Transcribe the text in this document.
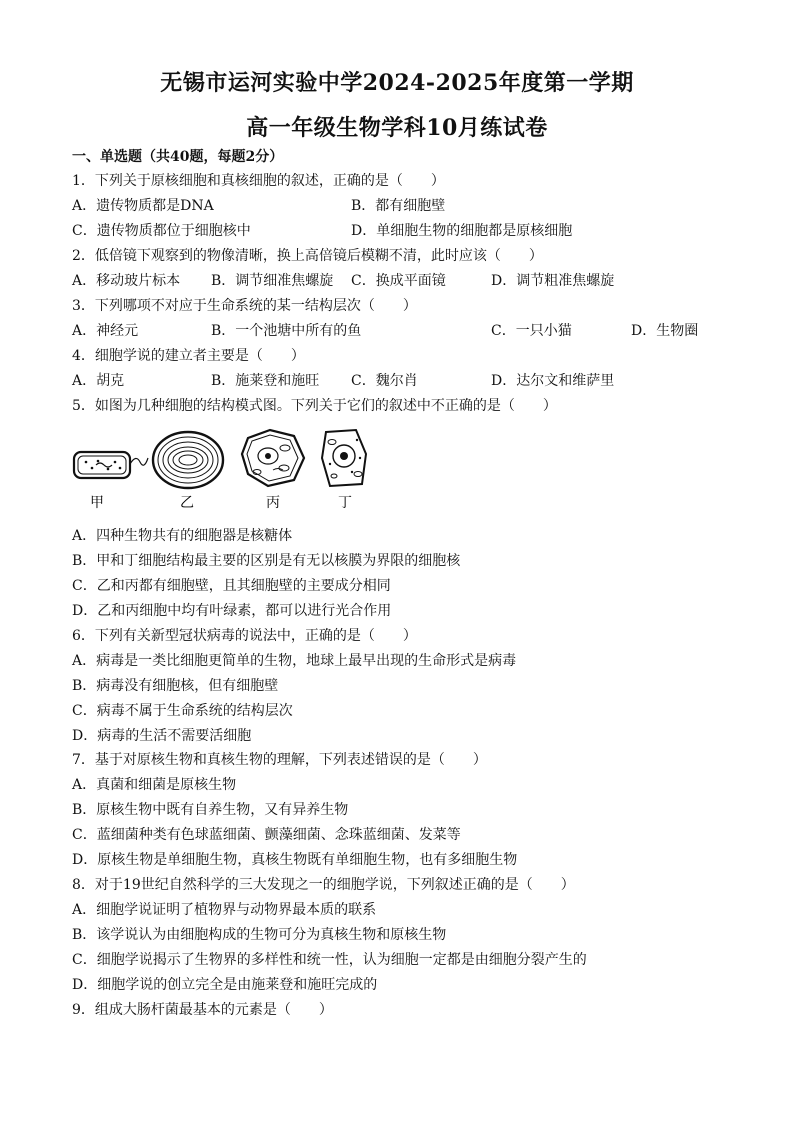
无锡市运河实验中学2024-2025年度第一学期
高一年级生物学科10月练试卷
一、单选题（共40题，每题2分）
1．下列关于原核细胞和真核细胞的叙述，正确的是（　　）
A．遗传物质都是DNA	B．都有细胞壁
C．遗传物质都位于细胞核中	D．单细胞生物的细胞都是原核细胞
2．低倍镜下观察到的物像清晰，换上高倍镜后模糊不清，此时应该（　　）
A．移动玻片标本 B．调节细准焦螺旋 C．换成平面镜	D．调节粗准焦螺旋
3．下列哪项不对应于生命系统的某一结构层次（　　）
A．神经元	B．一个池塘中所有的鱼	C．一只小猫	D．生物圈
4．细胞学说的建立者主要是（　　）
A．胡克	B．施莱登和施旺 C．魏尔肖	D．达尔文和维萨里
5．如图为几种细胞的结构模式图。下列关于它们的叙述中不正确的是（　　）
甲	乙	丙	丁
A．四种生物共有的细胞器是核糖体
B．甲和丁细胞结构最主要的区别是有无以核膜为界限的细胞核
C．乙和丙都有细胞壁，且其细胞壁的主要成分相同
D．乙和丙细胞中均有叶绿素，都可以进行光合作用
6．下列有关新型冠状病毒的说法中，正确的是（　　）
A．病毒是一类比细胞更简单的生物，地球上最早出现的生命形式是病毒
B．病毒没有细胞核，但有细胞壁
C．病毒不属于生命系统的结构层次
D．病毒的生活不需要活细胞
7．基于对原核生物和真核生物的理解，下列表述错误的是（　　）
A．真菌和细菌是原核生物
B．原核生物中既有自养生物，又有异养生物
C．蓝细菌种类有色球蓝细菌、颤藻细菌、念珠蓝细菌、发菜等
D．原核生物是单细胞生物，真核生物既有单细胞生物，也有多细胞生物
8．对于19世纪自然科学的三大发现之一的细胞学说，下列叙述正确的是（　　）
A．细胞学说证明了植物界与动物界最本质的联系
B．该学说认为由细胞构成的生物可分为真核生物和原核生物
C．细胞学说揭示了生物界的多样性和统一性，认为细胞一定都是由细胞分裂产生的
D．细胞学说的创立完全是由施莱登和施旺完成的
9．组成大肠杆菌最基本的元素是（　　）
